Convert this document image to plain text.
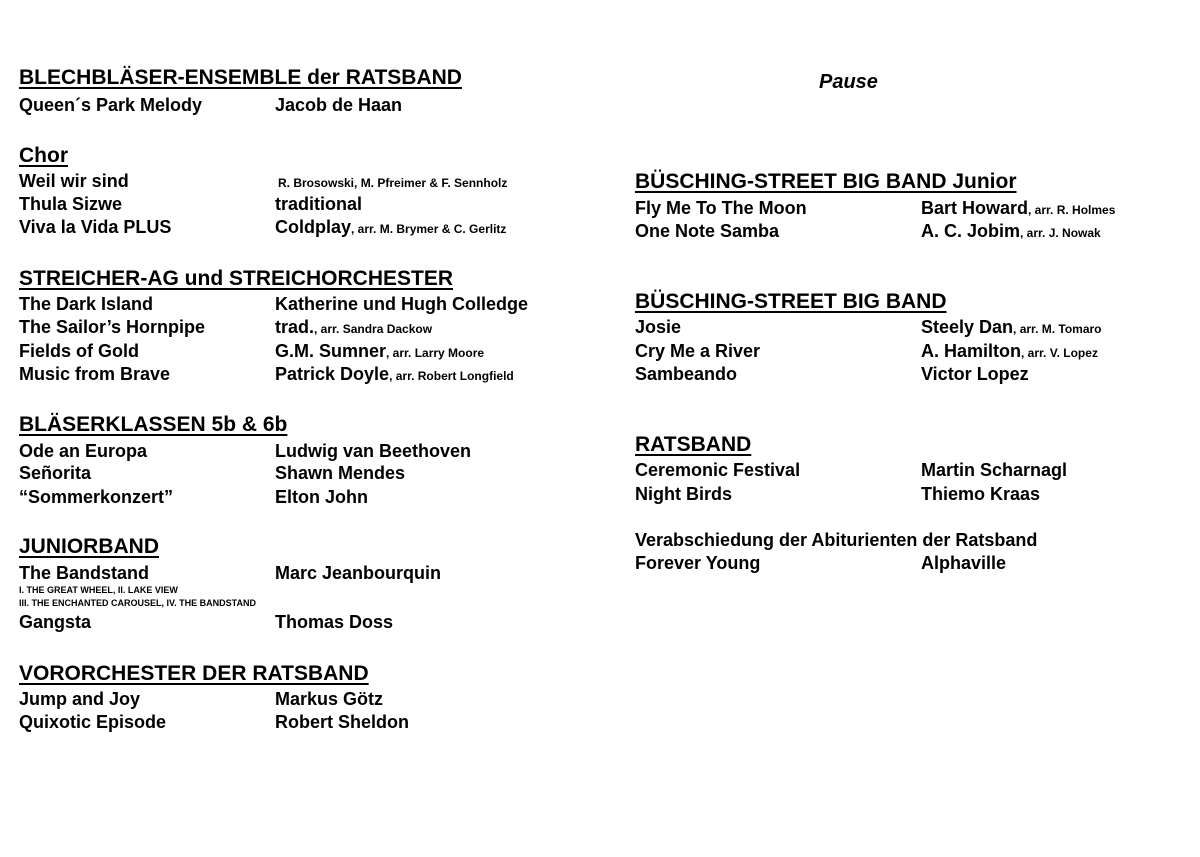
BLECHBLÄSER-ENSEMBLE der RATSBAND
Queen´s Park Melody	Jacob de Haan
Chor
Weil wir sind	R. Brosowski, M. Pfreimer & F. Sennholz
Thula Sizwe	traditional
Viva la Vida PLUS	Coldplay, arr. M. Brymer & C. Gerlitz
STREICHER-AG und STREICHORCHESTER
The Dark Island	Katherine und Hugh Colledge
The Sailor’s Hornpipe	trad., arr. Sandra Dackow
Fields of Gold	G.M. Sumner, arr. Larry Moore
Music from Brave	Patrick Doyle, arr. Robert Longfield
BLÄSERKLASSEN 5b & 6b
Ode an Europa	Ludwig van Beethoven
Señorita	Shawn Mendes
“Sommerkonzert”	Elton John
JUNIORBAND
The Bandstand	Marc Jeanbourquin
I. THE GREAT WHEEL, II. LAKE VIEW
III. THE ENCHANTED CAROUSEL, IV. THE BANDSTAND
Gangsta	Thomas Doss
VORORCHESTER DER RATSBAND
Jump and Joy	Markus Götz
Quixotic Episode	Robert Sheldon
Pause
BÜSCHING-STREET BIG BAND Junior
Fly Me To The Moon	Bart Howard, arr. R. Holmes
One Note Samba	A. C. Jobim, arr. J. Nowak
BÜSCHING-STREET BIG BAND
Josie	Steely Dan, arr. M. Tomaro
Cry Me a River	A. Hamilton, arr. V. Lopez
Sambeando	Victor Lopez
RATSBAND
Ceremonic Festival	Martin Scharnagl
Night Birds	Thiemo Kraas
Verabschiedung der Abiturienten der Ratsband
Forever Young	Alphaville
